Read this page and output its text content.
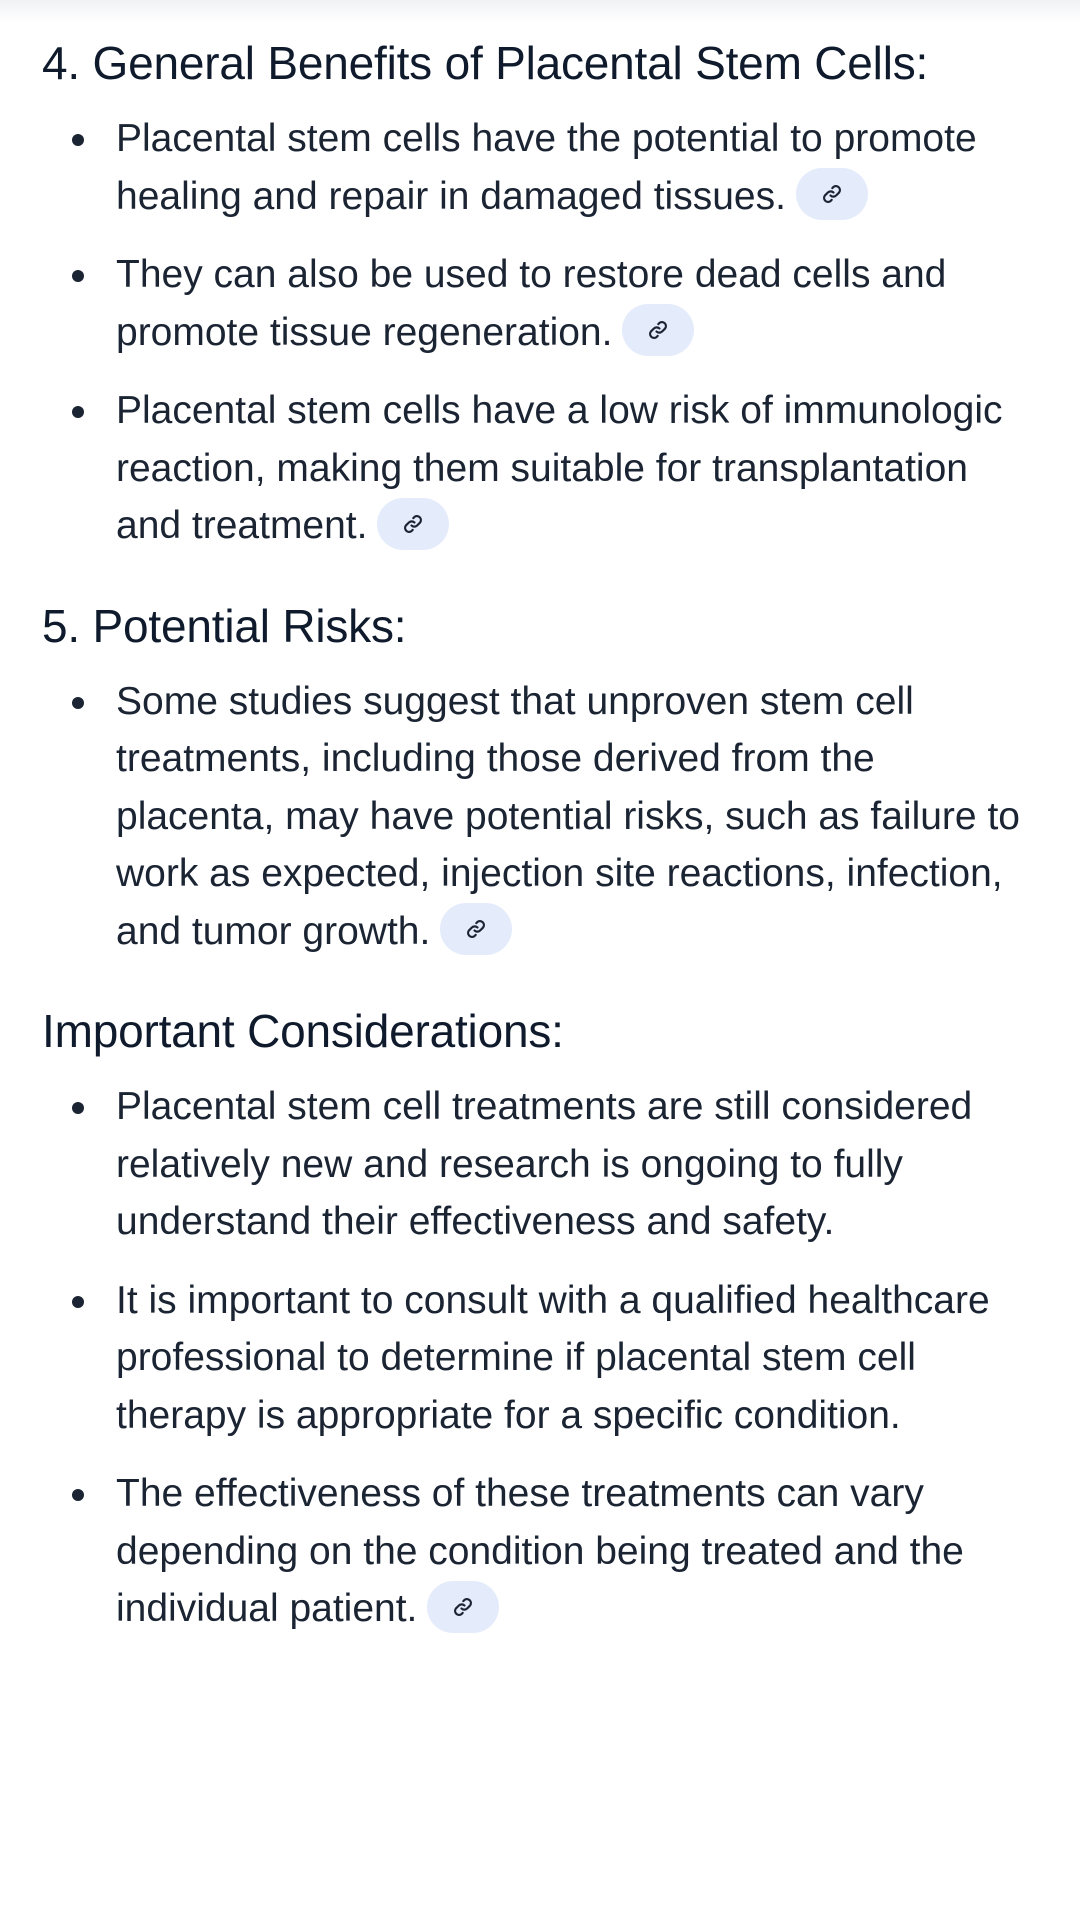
4. General Benefits of Placental Stem Cells:
Placental stem cells have the potential to promote healing and repair in damaged tissues.
They can also be used to restore dead cells and promote tissue regeneration.
Placental stem cells have a low risk of immunologic reaction, making them suitable for transplantation and treatment.
5. Potential Risks:
Some studies suggest that unproven stem cell treatments, including those derived from the placenta, may have potential risks, such as failure to work as expected, injection site reactions, infection, and tumor growth.
Important Considerations:
Placental stem cell treatments are still considered relatively new and research is ongoing to fully understand their effectiveness and safety.
It is important to consult with a qualified healthcare professional to determine if placental stem cell therapy is appropriate for a specific condition.
The effectiveness of these treatments can vary depending on the condition being treated and the individual patient.
